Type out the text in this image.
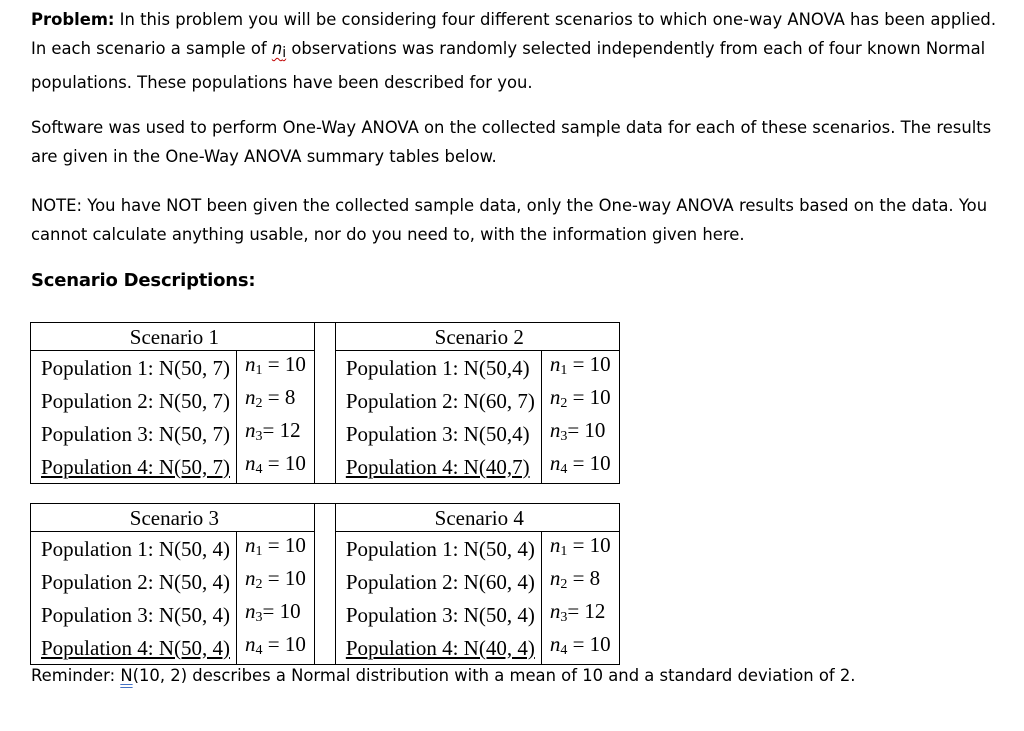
Problem: In this problem you will be considering four different scenarios to which one-way ANOVA has been applied. In each scenario a sample of $n_i$ observations was randomly selected independently from each of four known Normal populations. These populations have been described for you.

Software was used to perform One-Way ANOVA on the collected sample data for each of these scenarios. The results are given in the One-Way ANOVA summary tables below.

NOTE: You have NOT been given the collected sample data, only the One-way ANOVA results based on the data. You cannot calculate anything usable, nor do you need to, with the information given here.

Scenario Descriptions:

Scenario 1			Scenario 2	
Population 1: N(50, 7)	$n_1 = 10$		Population 1: N(50,4)	$n_1 = 10$
Population 2: N(50, 7)	$n_2 = 8$		Population 2: N(60, 7)	$n_2 = 10$
Population 3: N(50, 7)	$n_3= 12$		Population 3: N(50,4)	$n_3= 10$
Population 4: N(50, 7)	$n_4 = 10$		Population 4: N(40,7)	$n_4 = 10$
Scenario 3			Scenario 4	
Population 1: N(50, 4)	$n_1 = 10$		Population 1: N(50, 4)	$n_1 = 10$
Population 2: N(50, 4)	$n_2 = 10$		Population 2: N(60, 4)	$n_2 = 8$
Population 3: N(50, 4)	$n_3= 10$		Population 3: N(50, 4)	$n_3= 12$
Population 4: N(50, 4)	$n_4 = 10$		Population 4: N(40, 4)	$n_4 = 10$

Reminder: N(10, 2) describes a Normal distribution with a mean of 10 and a standard deviation of 2.
